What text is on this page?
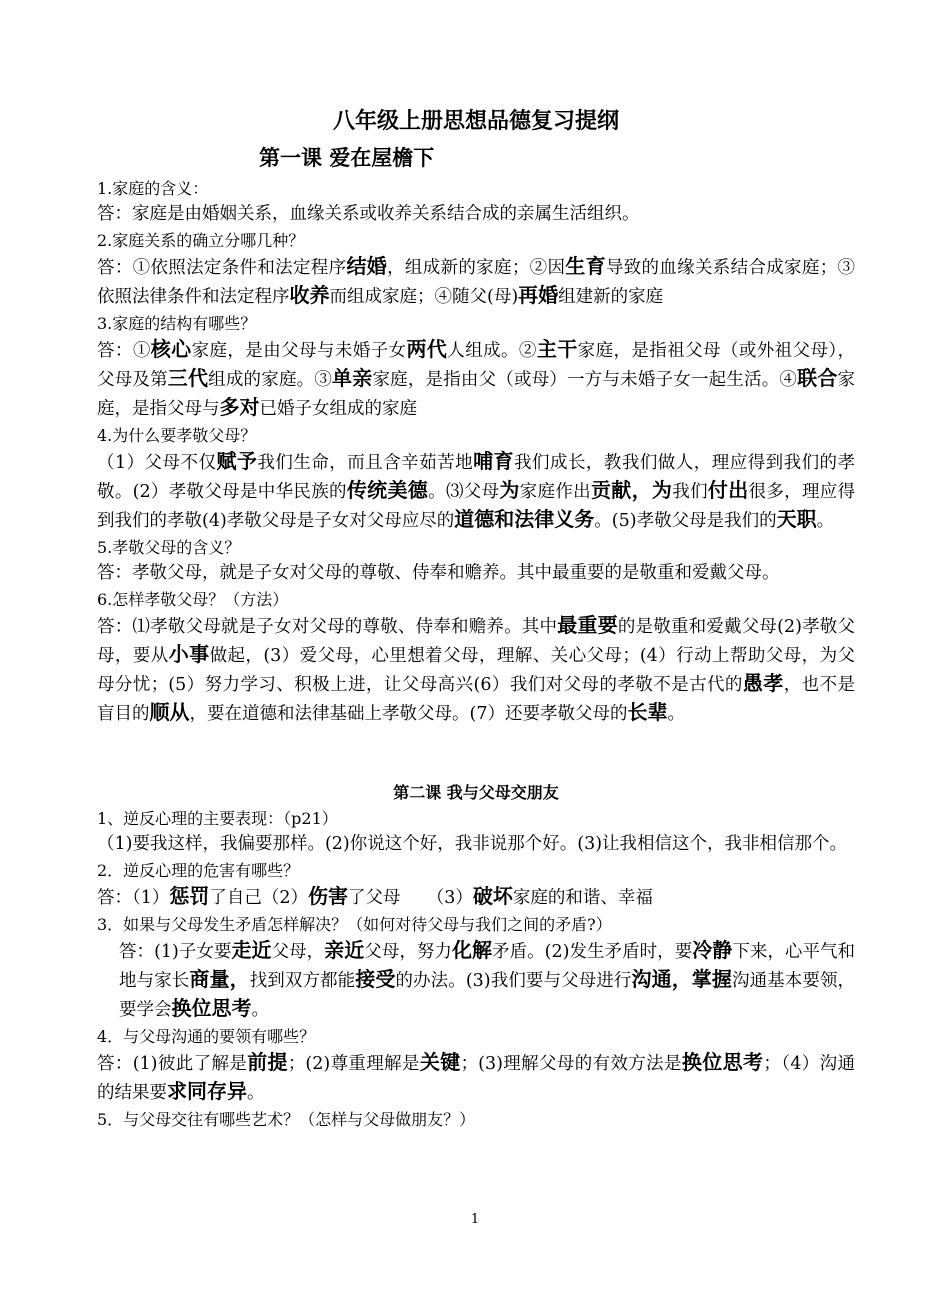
八年级上册思想品德复习提纲
第一课 爱在屋檐下

1.家庭的含义：

答：家庭是由婚姻关系，血缘关系或收养关系结合成的亲属生活组织。

2.家庭关系的确立分哪几种？

答：①依照法定条件和法定程序结婚，组成新的家庭；②因生育导致的血缘关系结合成家庭；③依照法律条件和法定程序收养而组成家庭；④随父(母)再婚组建新的家庭

3.家庭的结构有哪些？

答：①核心家庭，是由父母与未婚子女两代人组成。②主干家庭，是指祖父母（或外祖父母），父母及第三代组成的家庭。③单亲家庭，是指由父（或母）一方与未婚子女一起生活。④联合家庭，是指父母与多对已婚子女组成的家庭

4.为什么要孝敬父母？

（1）父母不仅赋予我们生命，而且含辛茹苦地哺育我们成长，教我们做人，理应得到我们的孝敬。(2）孝敬父母是中华民族的传统美德。⑶父母为家庭作出贡献，为我们付出很多，理应得到我们的孝敬(4)孝敬父母是子女对父母应尽的道德和法律义务。(5)孝敬父母是我们的天职。

5.孝敬父母的含义？

答：孝敬父母，就是子女对父母的尊敬、侍奉和赡养。其中最重要的是敬重和爱戴父母。

6.怎样孝敬父母？（方法）

答：⑴孝敬父母就是子女对父母的尊敬、侍奉和赡养。其中最重要的是敬重和爱戴父母(2)孝敬父母，要从小事做起，(3）爱父母，心里想着父母，理解、关心父母；(4）行动上帮助父母，为父母分忧；(5）努力学习、积极上进，让父母高兴(6）我们对父母的孝敬不是古代的愚孝，也不是盲目的顺从，要在道德和法律基础上孝敬父母。(7）还要孝敬父母的长辈。

第二课 我与父母交朋友

1、逆反心理的主要表现：（p21）

（1)要我这样，我偏要那样。(2)你说这个好，我非说那个好。(3)让我相信这个，我非相信那个。

2．逆反心理的危害有哪些？

答：（1）惩罚了自己（2）伤害了父母　　（3）破坏家庭的和谐、幸福

3．如果与父母发生矛盾怎样解决？（如何对待父母与我们之间的矛盾?）

答：(1)子女要走近父母，亲近父母，努力化解矛盾。(2)发生矛盾时，要冷静下来，心平气和地与家长商量，找到双方都能接受的办法。(3)我们要与父母进行沟通，掌握沟通基本要领，要学会换位思考。

4．与父母沟通的要领有哪些？

答：(1)彼此了解是前提；(2)尊重理解是关键；(3)理解父母的有效方法是换位思考；（4）沟通的结果要求同存异。

5．与父母交往有哪些艺术？（怎样与父母做朋友？）

1
